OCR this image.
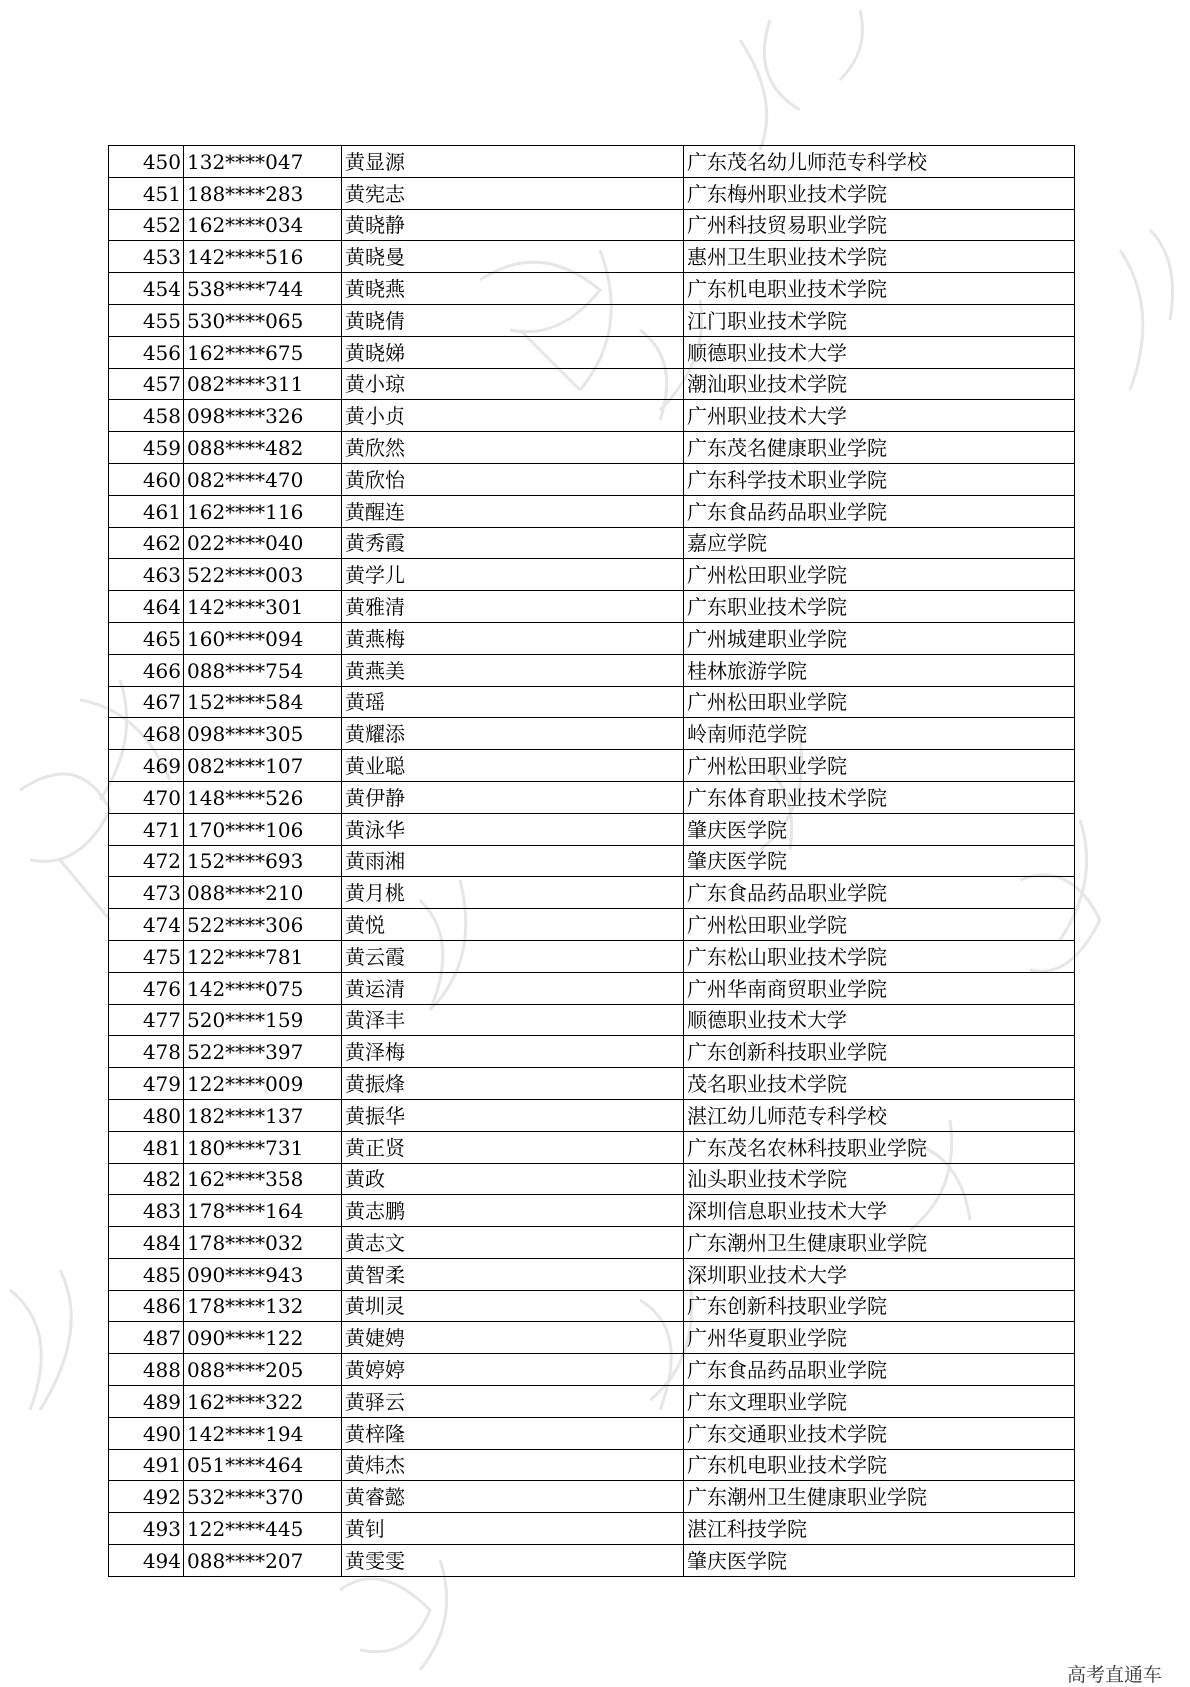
450	132****047	黄显源	广东茂名幼儿师范专科学校
451	188****283	黄宪志	广东梅州职业技术学院
452	162****034	黄晓静	广州科技贸易职业学院
453	142****516	黄晓曼	惠州卫生职业技术学院
454	538****744	黄晓燕	广东机电职业技术学院
455	530****065	黄晓倩	江门职业技术学院
456	162****675	黄晓娣	顺德职业技术大学
457	082****311	黄小琼	潮汕职业技术学院
458	098****326	黄小贞	广州职业技术大学
459	088****482	黄欣然	广东茂名健康职业学院
460	082****470	黄欣怡	广东科学技术职业学院
461	162****116	黄醒连	广东食品药品职业学院
462	022****040	黄秀霞	嘉应学院
463	522****003	黄学儿	广州松田职业学院
464	142****301	黄雅清	广东职业技术学院
465	160****094	黄燕梅	广州城建职业学院
466	088****754	黄燕美	桂林旅游学院
467	152****584	黄瑶	广州松田职业学院
468	098****305	黄耀添	岭南师范学院
469	082****107	黄业聪	广州松田职业学院
470	148****526	黄伊静	广东体育职业技术学院
471	170****106	黄泳华	肇庆医学院
472	152****693	黄雨湘	肇庆医学院
473	088****210	黄月桃	广东食品药品职业学院
474	522****306	黄悦	广州松田职业学院
475	122****781	黄云霞	广东松山职业技术学院
476	142****075	黄运清	广州华南商贸职业学院
477	520****159	黄泽丰	顺德职业技术大学
478	522****397	黄泽梅	广东创新科技职业学院
479	122****009	黄振烽	茂名职业技术学院
480	182****137	黄振华	湛江幼儿师范专科学校
481	180****731	黄正贤	广东茂名农林科技职业学院
482	162****358	黄政	汕头职业技术学院
483	178****164	黄志鹏	深圳信息职业技术大学
484	178****032	黄志文	广东潮州卫生健康职业学院
485	090****943	黄智柔	深圳职业技术大学
486	178****132	黄圳灵	广东创新科技职业学院
487	090****122	黄婕娉	广州华夏职业学院
488	088****205	黄婷婷	广东食品药品职业学院
489	162****322	黄驿云	广东文理职业学院
490	142****194	黄梓隆	广东交通职业技术学院
491	051****464	黄炜杰	广东机电职业技术学院
492	532****370	黄睿懿	广东潮州卫生健康职业学院
493	122****445	黄钊	湛江科技学院
494	088****207	黄雯雯	肇庆医学院
高考直通车
